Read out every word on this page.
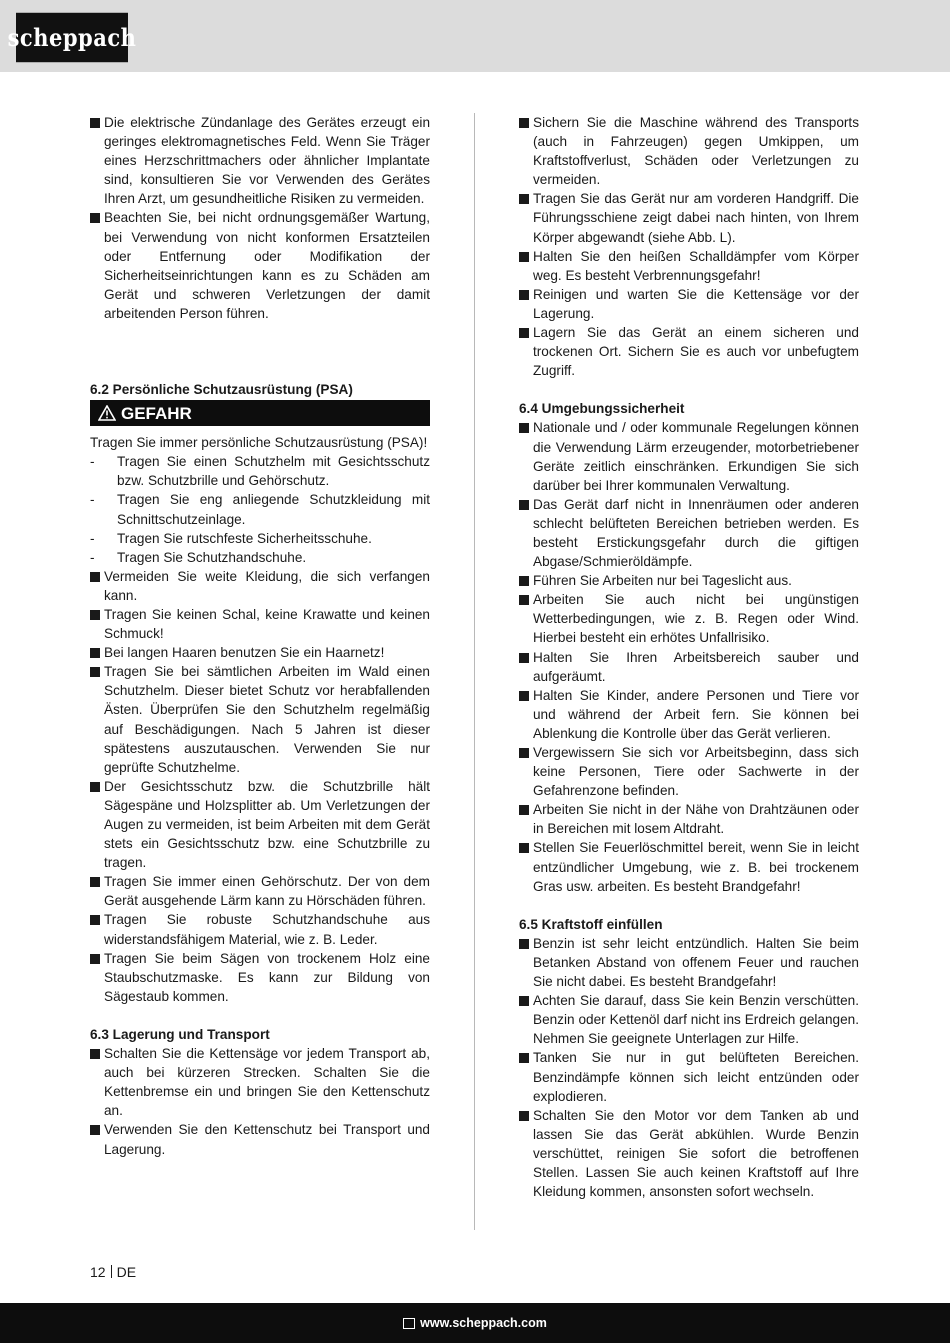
scheppach
Die elektrische Zündanlage des Gerätes erzeugt ein geringes elektromagnetisches Feld. Wenn Sie Träger eines Herzschrittmachers oder ähnlicher Implantate sind, konsultieren Sie vor Verwenden des Gerätes Ihren Arzt, um gesundheitliche Risiken zu vermeiden.
Beachten Sie, bei nicht ordnungsgemäßer Wartung, bei Verwendung von nicht konformen Ersatzteilen oder Entfernung oder Modifikation der Sicherheitseinrichtungen kann es zu Schäden am Gerät und schweren Verletzungen der damit arbeitenden Person führen.
6.2 Persönliche Schutzausrüstung (PSA)
GEFAHR
Tragen Sie immer persönliche Schutzausrüstung (PSA)!
- Tragen Sie einen Schutzhelm mit Gesichtsschutz bzw. Schutzbrille und Gehörschutz.
- Tragen Sie eng anliegende Schutzkleidung mit Schnittschutzeinlage.
- Tragen Sie rutschfeste Sicherheitsschuhe.
- Tragen Sie Schutzhandschuhe.
Vermeiden Sie weite Kleidung, die sich verfangen kann.
Tragen Sie keinen Schal, keine Krawatte und keinen Schmuck!
Bei langen Haaren benutzen Sie ein Haarnetz!
Tragen Sie bei sämtlichen Arbeiten im Wald einen Schutzhelm. Dieser bietet Schutz vor herabfallenden Ästen. Überprüfen Sie den Schutzhelm regelmäßig auf Beschädigungen. Nach 5 Jahren ist dieser spätestens auszutauschen. Verwenden Sie nur geprüfte Schutzhelme.
Der Gesichtsschutz bzw. die Schutzbrille hält Sägespäne und Holzsplitter ab. Um Verletzungen der Augen zu vermeiden, ist beim Arbeiten mit dem Gerät stets ein Gesichtsschutz bzw. eine Schutzbrille zu tragen.
Tragen Sie immer einen Gehörschutz. Der von dem Gerät ausgehende Lärm kann zu Hörschäden führen.
Tragen Sie robuste Schutzhandschuhe aus widerstandsfähigem Material, wie z. B. Leder.
Tragen Sie beim Sägen von trockenem Holz eine Staubschutzmaske. Es kann zur Bildung von Sägestaub kommen.
6.3 Lagerung und Transport
Schalten Sie die Kettensäge vor jedem Transport ab, auch bei kürzeren Strecken. Schalten Sie die Kettenbremse ein und bringen Sie den Kettenschutz an.
Verwenden Sie den Kettenschutz bei Transport und Lagerung.
Sichern Sie die Maschine während des Transports (auch in Fahrzeugen) gegen Umkippen, um Kraftstoffverlust, Schäden oder Verletzungen zu vermeiden.
Tragen Sie das Gerät nur am vorderen Handgriff. Die Führungsschiene zeigt dabei nach hinten, von Ihrem Körper abgewandt (siehe Abb. L).
Halten Sie den heißen Schalldämpfer vom Körper weg. Es besteht Verbrennungsgefahr!
Reinigen und warten Sie die Kettensäge vor der Lagerung.
Lagern Sie das Gerät an einem sicheren und trockenen Ort. Sichern Sie es auch vor unbefugtem Zugriff.
6.4 Umgebungssicherheit
Nationale und / oder kommunale Regelungen können die Verwendung Lärm erzeugender, motorbetriebener Geräte zeitlich einschränken. Erkundigen Sie sich darüber bei Ihrer kommunalen Verwaltung.
Das Gerät darf nicht in Innenräumen oder anderen schlecht belüfteten Bereichen betrieben werden. Es besteht Erstickungsgefahr durch die giftigen Abgase/Schmieröldämpfe.
Führen Sie Arbeiten nur bei Tageslicht aus.
Arbeiten Sie auch nicht bei ungünstigen Wetterbedingungen, wie z. B. Regen oder Wind. Hierbei besteht ein erhötes Unfallrisiko.
Halten Sie Ihren Arbeitsbereich sauber und aufgeräumt.
Halten Sie Kinder, andere Personen und Tiere vor und während der Arbeit fern. Sie können bei Ablenkung die Kontrolle über das Gerät verlieren.
Vergewissern Sie sich vor Arbeitsbeginn, dass sich keine Personen, Tiere oder Sachwerte in der Gefahrenzone befinden.
Arbeiten Sie nicht in der Nähe von Drahtzäunen oder in Bereichen mit losem Altdraht.
Stellen Sie Feuerlöschmittel bereit, wenn Sie in leicht entzündlicher Umgebung, wie z. B. bei trockenem Gras usw. arbeiten. Es besteht Brandgefahr!
6.5 Kraftstoff einfüllen
Benzin ist sehr leicht entzündlich. Halten Sie beim Betanken Abstand von offenem Feuer und rauchen Sie nicht dabei. Es besteht Brandgefahr!
Achten Sie darauf, dass Sie kein Benzin verschütten. Benzin oder Kettenöl darf nicht ins Erdreich gelangen. Nehmen Sie geeignete Unterlagen zur Hilfe.
Tanken Sie nur in gut belüfteten Bereichen. Benzindämpfe können sich leicht entzünden oder explodieren.
Schalten Sie den Motor vor dem Tanken ab und lassen Sie das Gerät abkühlen. Wurde Benzin verschüttet, reinigen Sie sofort die betroffenen Stellen. Lassen Sie auch keinen Kraftstoff auf Ihre Kleidung kommen, ansonsten sofort wechseln.
12 DE
www.scheppach.com
